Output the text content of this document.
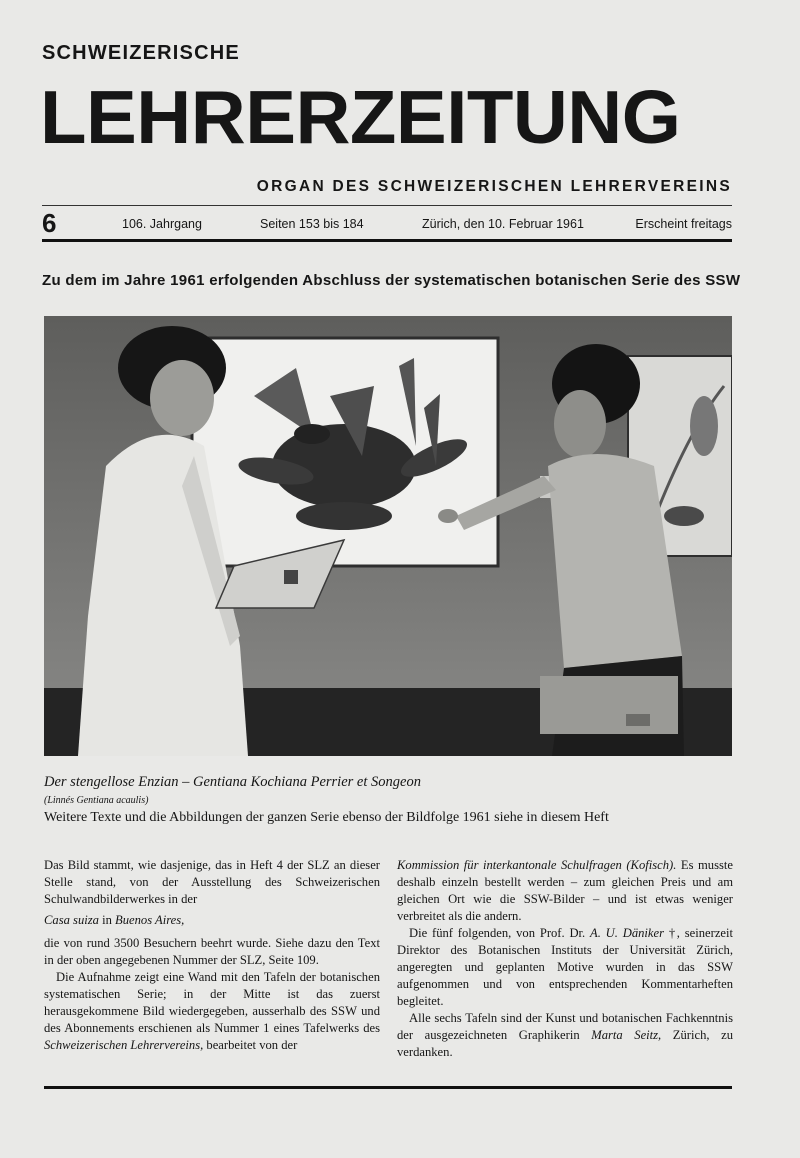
SCHWEIZERISCHE
LEHRERZEITUNG
ORGAN DES SCHWEIZERISCHEN LEHRERVEREINS
6	106. Jahrgang	Seiten 153 bis 184	Zürich, den 10. Februar 1961	Erscheint freitags
Zu dem im Jahre 1961 erfolgenden Abschluss der systematischen botanischen Serie des SSW
Der stengellose Enzian – Gentiana Kochiana Perrier et Songeon
(Linnés Gentiana acaulis)
Weitere Texte und die Abbildungen der ganzen Serie ebenso der Bildfolge 1961 siehe in diesem Heft

Das Bild stammt, wie dasjenige, das in Heft 4 der SLZ an dieser Stelle stand, von der Ausstellung des Schweizerischen Schulwandbilderwerkes in der

Casa suiza in Buenos Aires,

die von rund 3500 Besuchern beehrt wurde. Siehe dazu den Text in der oben angegebenen Nummer der SLZ, Seite 109.

Die Aufnahme zeigt eine Wand mit den Tafeln der botanischen systematischen Serie; in der Mitte ist das zuerst herausgekommene Bild wiedergegeben, ausserhalb des SSW und des Abonnements erschienen als Nummer 1 eines Tafelwerks des Schweizerischen Lehrervereins, bearbeitet von der

Kommission für interkantonale Schulfragen (Kofisch). Es musste deshalb einzeln bestellt werden – zum gleichen Preis und am gleichen Ort wie die SSW-Bilder – und ist etwas weniger verbreitet als die andern.

Die fünf folgenden, von Prof. Dr. A. U. Däniker †, seinerzeit Direktor des Botanischen Instituts der Universität Zürich, angeregten und geplanten Motive wurden in das SSW aufgenommen und von entsprechenden Kommentarheften begleitet.

Alle sechs Tafeln sind der Kunst und botanischen Fachkenntnis der ausgezeichneten Graphikerin Marta Seitz, Zürich, zu verdanken.
